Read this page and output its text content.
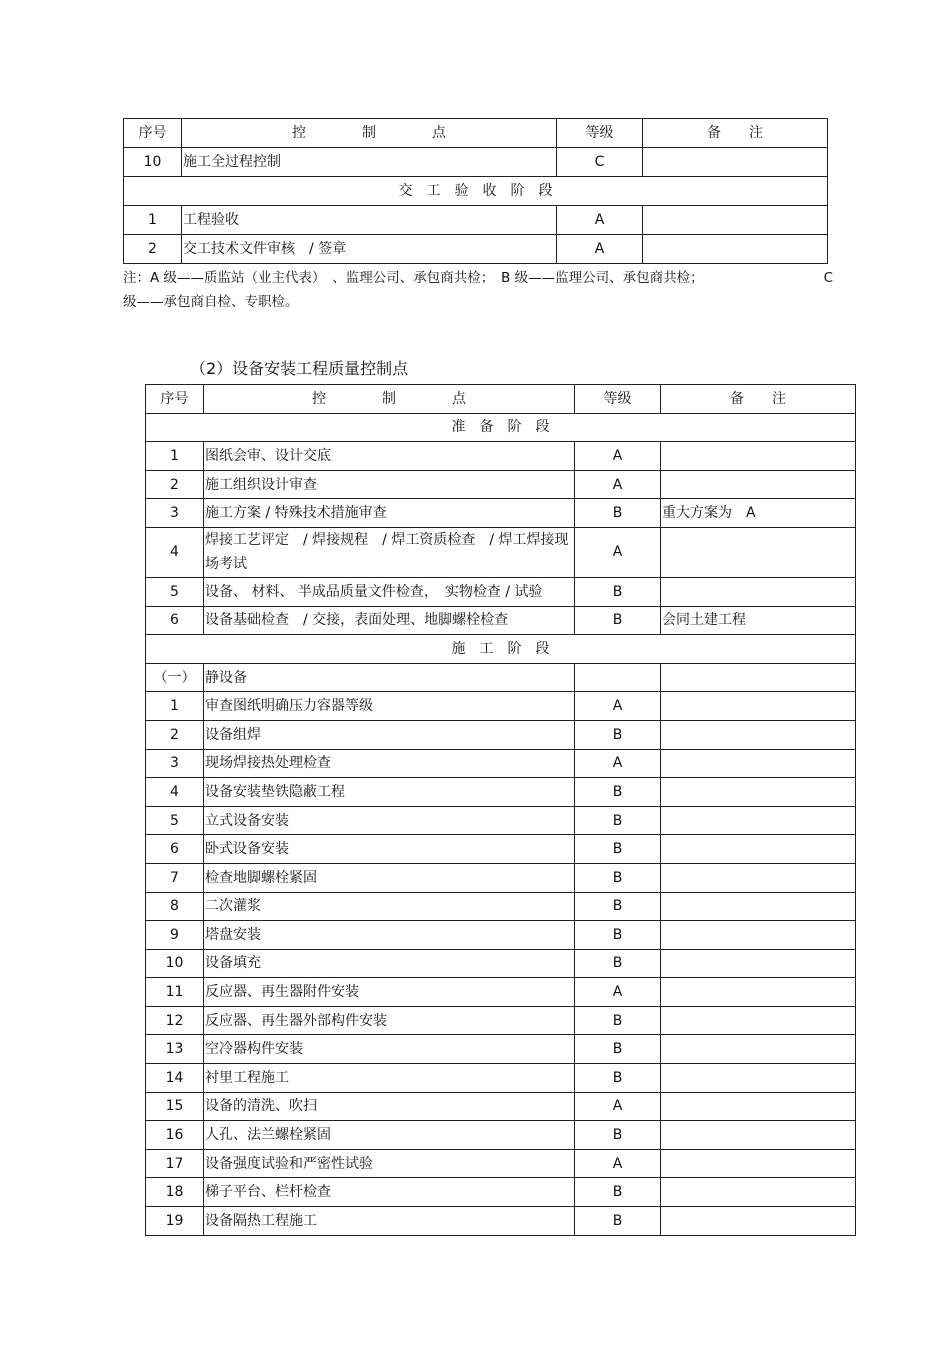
序号	控　　　　制　　　　点	等级	备　　注
10	施工全过程控制	C	
交　工　验　收　阶　段			
1	工程验收	A	
2	交工技术文件审核　/ 签章	A	
注：A 级——质监站（业主代表）　、监理公司、承包商共检；　B 级——监理公司、承包商共检；	C
级——承包商自检、专职检。
（2）设备安装工程质量控制点
序号	控　　　　制　　　　点	等级	备　　注
准　备　阶　段			
1	图纸会审、设计交底	A	
2	施工组织设计审查	A	
3	施工方案 / 特殊技术措施审查	B	重大方案为　A
4	焊接工艺评定　/ 焊接规程　/ 焊工资质检查　/ 焊工焊接现场考试	A	
5	设备、 材料、 半成品质量文件检查，　实物检查 / 试验	B	
6	设备基础检查　/ 交接，表面处理、地脚螺栓检查	B	会同土建工程
施　工　阶　段			
（一）	静设备		
1	审查图纸明确压力容器等级	A	
2	设备组焊	B	
3	现场焊接热处理检查	A	
4	设备安装垫铁隐蔽工程	B	
5	立式设备安装	B	
6	卧式设备安装	B	
7	检查地脚螺栓紧固	B	
8	二次灌浆	B	
9	塔盘安装	B	
10	设备填充	B	
11	反应器、再生器附件安装	A	
12	反应器、再生器外部构件安装	B	
13	空冷器构件安装	B	
14	衬里工程施工	B	
15	设备的清洗、吹扫	A	
16	人孔、法兰螺栓紧固	B	
17	设备强度试验和严密性试验	A	
18	梯子平台、栏杆检查	B	
19	设备隔热工程施工	B	
